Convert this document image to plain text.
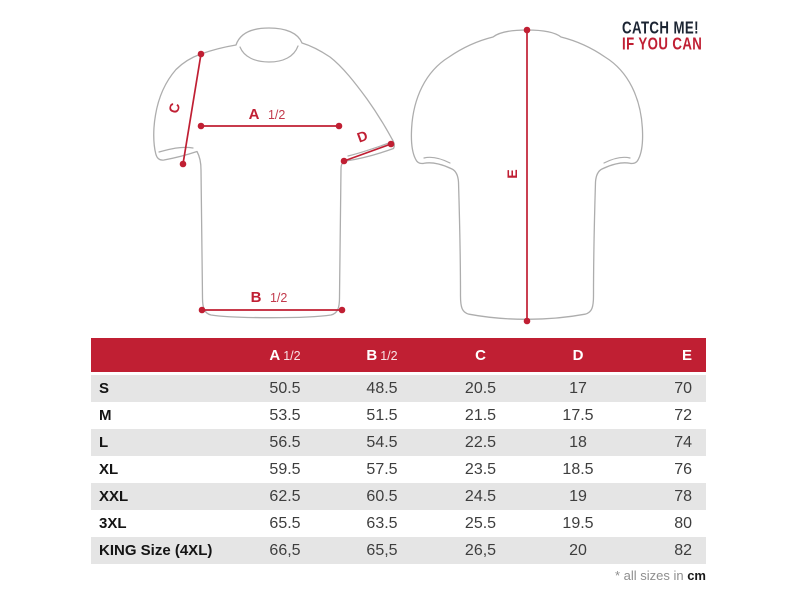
A 1/2
B 1/2
C
D
E
CATCH ME!
IF YOU CAN
	A 1/2	B 1/2	C	D	E
S	50.5	48.5	20.5	17	70
M	53.5	51.5	21.5	17.5	72
L	56.5	54.5	22.5	18	74
XL	59.5	57.5	23.5	18.5	76
XXL	62.5	60.5	24.5	19	78
3XL	65.5	63.5	25.5	19.5	80
KING Size (4XL)	66,5	65,5	26,5	20	82
* all sizes in cm
